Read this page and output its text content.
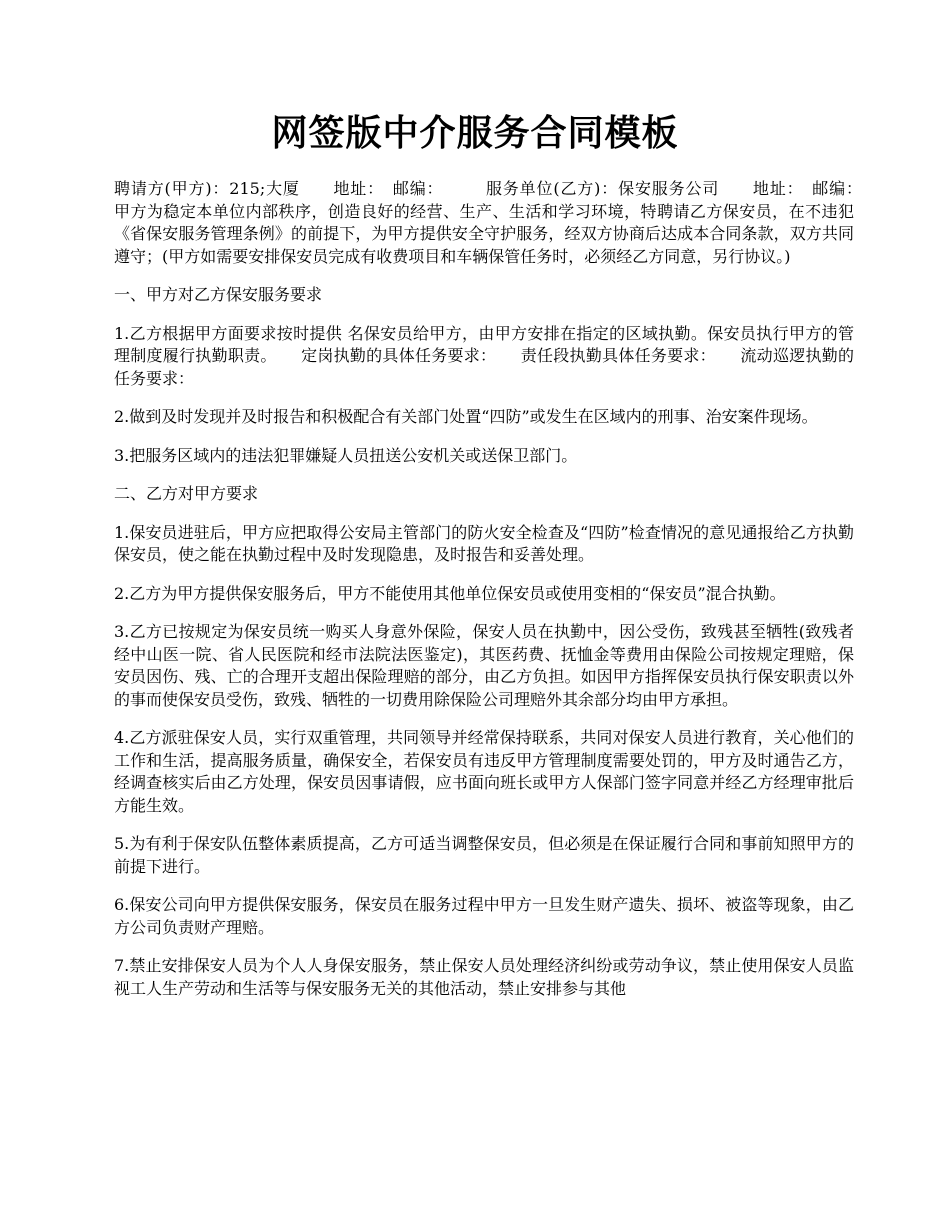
网签版中介服务合同模板

聘请方(甲方)：215;大厦　　地址：　邮编：　　　服务单位(乙方)：保安服务公司　　地址：　邮编：　　　甲方为稳定本单位内部秩序，创造良好的经营、生产、生活和学习环境，特聘请乙方保安员，在不违犯《省保安服务管理条例》的前提下，为甲方提供安全守护服务，经双方协商后达成本合同条款，双方共同遵守；(甲方如需要安排保安员完成有收费项目和车辆保管任务时，必须经乙方同意，另行协议。)

一、甲方对乙方保安服务要求

1.乙方根据甲方面要求按时提供 名保安员给甲方，由甲方安排在指定的区域执勤。保安员执行甲方的管理制度履行执勤职责。　　定岗执勤的具体任务要求：　　责任段执勤具体任务要求：　　流动巡逻执勤的任务要求：

2.做到及时发现并及时报告和积极配合有关部门处置“四防”或发生在区域内的刑事、治安案件现场。

3.把服务区域内的违法犯罪嫌疑人员扭送公安机关或送保卫部门。

二、乙方对甲方要求

1.保安员进驻后，甲方应把取得公安局主管部门的防火安全检查及“四防”检查情况的意见通报给乙方执勤保安员，使之能在执勤过程中及时发现隐患，及时报告和妥善处理。

2.乙方为甲方提供保安服务后，甲方不能使用其他单位保安员或使用变相的“保安员”混合执勤。

3.乙方已按规定为保安员统一购买人身意外保险，保安人员在执勤中，因公受伤，致残甚至牺牲(致残者经中山医一院、省人民医院和经市法院法医鉴定)，其医药费、抚恤金等费用由保险公司按规定理赔，保安员因伤、残、亡的合理开支超出保险理赔的部分，由乙方负担。如因甲方指挥保安员执行保安职责以外的事而使保安员受伤，致残、牺牲的一切费用除保险公司理赔外其余部分均由甲方承担。

4.乙方派驻保安人员，实行双重管理，共同领导并经常保持联系，共同对保安人员进行教育，关心他们的工作和生活，提高服务质量，确保安全，若保安员有违反甲方管理制度需要处罚的，甲方及时通告乙方，经调查核实后由乙方处理，保安员因事请假，应书面向班长或甲方人保部门签字同意并经乙方经理审批后方能生效。

5.为有利于保安队伍整体素质提高，乙方可适当调整保安员，但必须是在保证履行合同和事前知照甲方的前提下进行。

6.保安公司向甲方提供保安服务，保安员在服务过程中甲方一旦发生财产遗失、损坏、被盗等现象，由乙方公司负责财产理赔。

7.禁止安排保安人员为个人人身保安服务，禁止保安人员处理经济纠纷或劳动争议，禁止使用保安人员监视工人生产劳动和生活等与保安服务无关的其他活动，禁止安排参与其他
